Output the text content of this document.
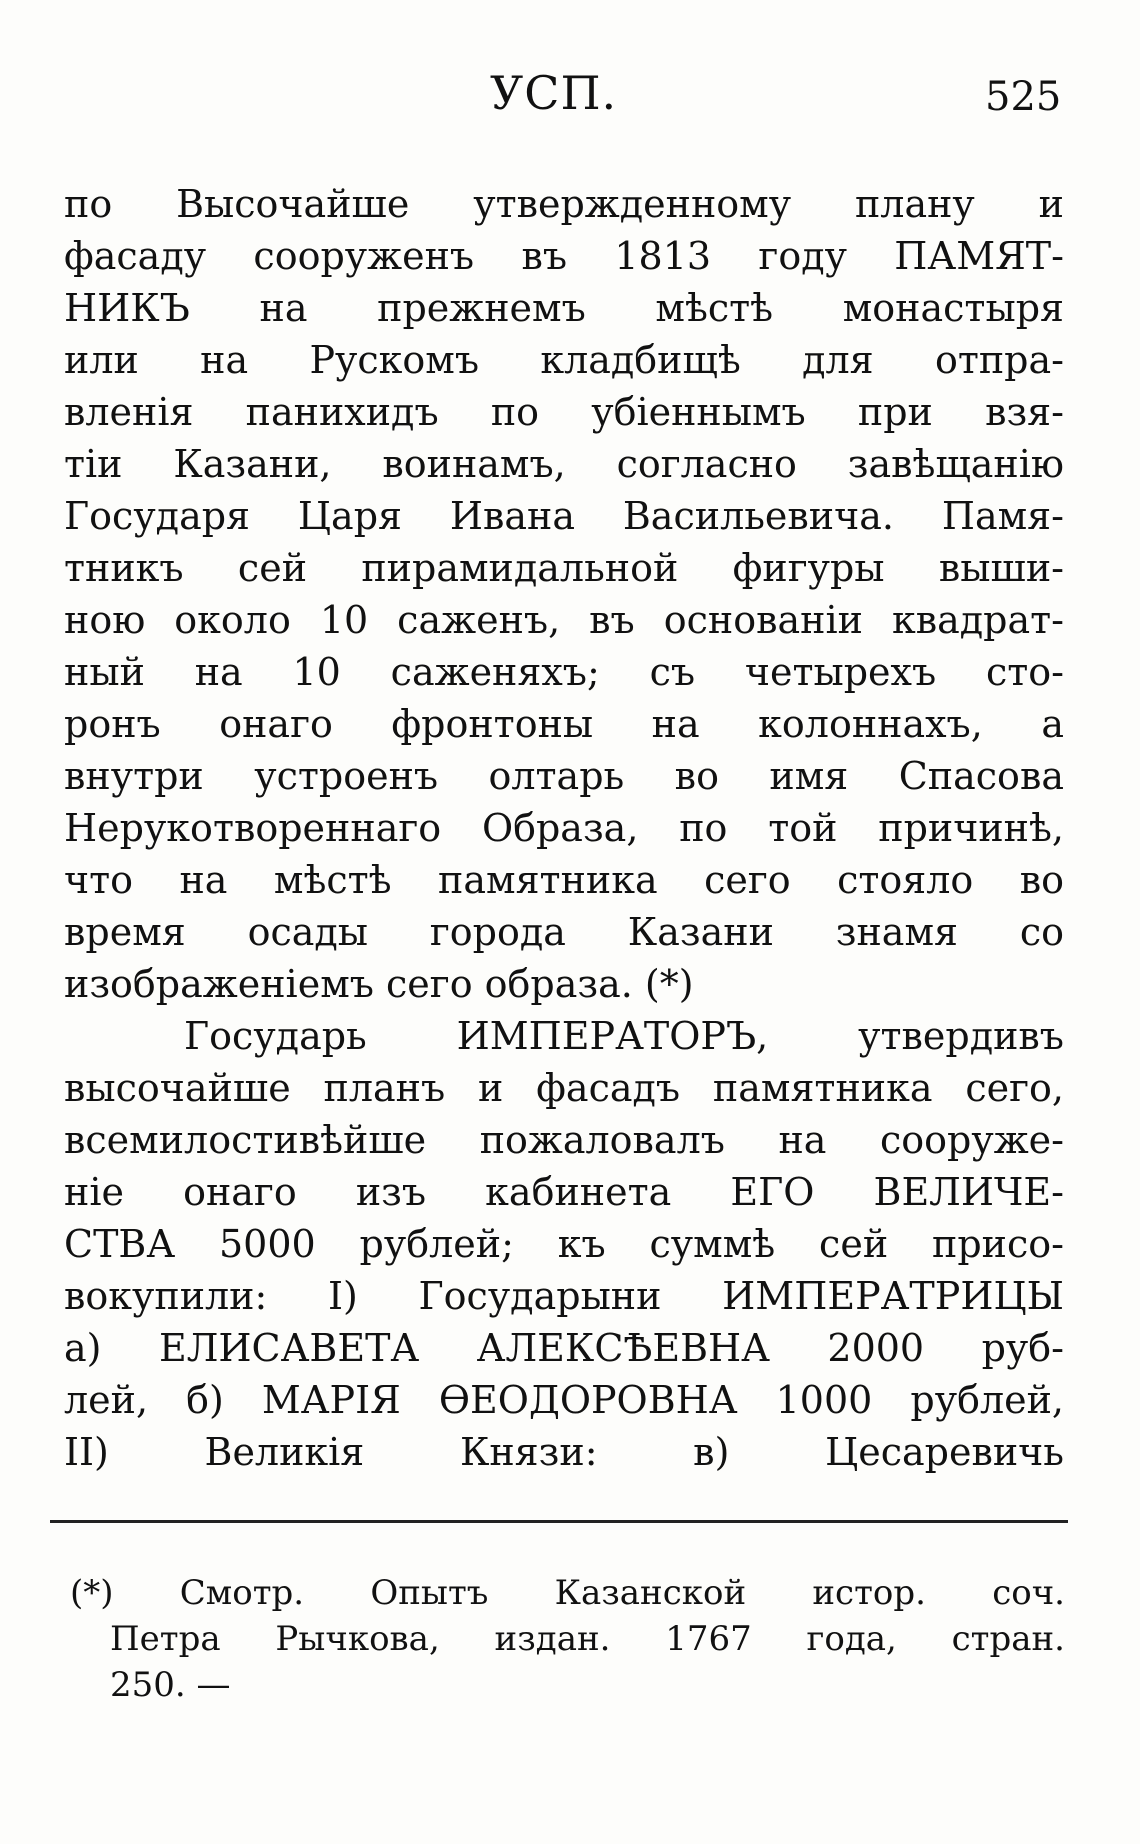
УСП.	525
по Высочайше утвержденному плану и
фасаду сооруженъ въ 1813 году ПАМЯТ-
НИКЪ на прежнемъ мѣстѣ монастыря
или на Рускомъ кладбищѣ для отпра-
вленія панихидъ по убіеннымъ при взя-
тіи Казани, воинамъ, согласно завѣщанію
Государя Царя Ивана Васильевича. Памя-
тникъ сей пирамидальной фигуры выши-
ною около 10 саженъ, въ основаніи квадрат-
ный на 10 саженяхъ; съ четырехъ сто-
ронъ онаго фронтоны на колоннахъ, а
внутри устроенъ олтарь во имя Спасова
Нерукотвореннаго Образа, по той причинѣ,
что на мѣстѣ памятника сего стояло во
время осады города Казани знамя со
изображеніемъ сего образа. (*)
Государь ИМПЕРАТОРЪ, утвердивъ
высочайше планъ и фасадъ памятника сего,
всемилостивѣйше пожаловалъ на сооруже-
ніе онаго изъ кабинета ЕГО ВЕЛИЧЕ-
СТВА 5000 рублей; къ суммѣ сей присо-
вокупили: I) Государыни ИМПЕРАТРИЦЫ
а) ЕЛИСАВЕТА АЛЕКСѢЕВНА 2000 руб-
лей, б) МАРІЯ ѲЕОДОРОВНА 1000 рублей,
II) Великія Князи: в) Цесаревичь
(*) Смотр. Опытъ Казанской истор. соч.
Петра Рычкова, издан. 1767 года, стран.
250. —
